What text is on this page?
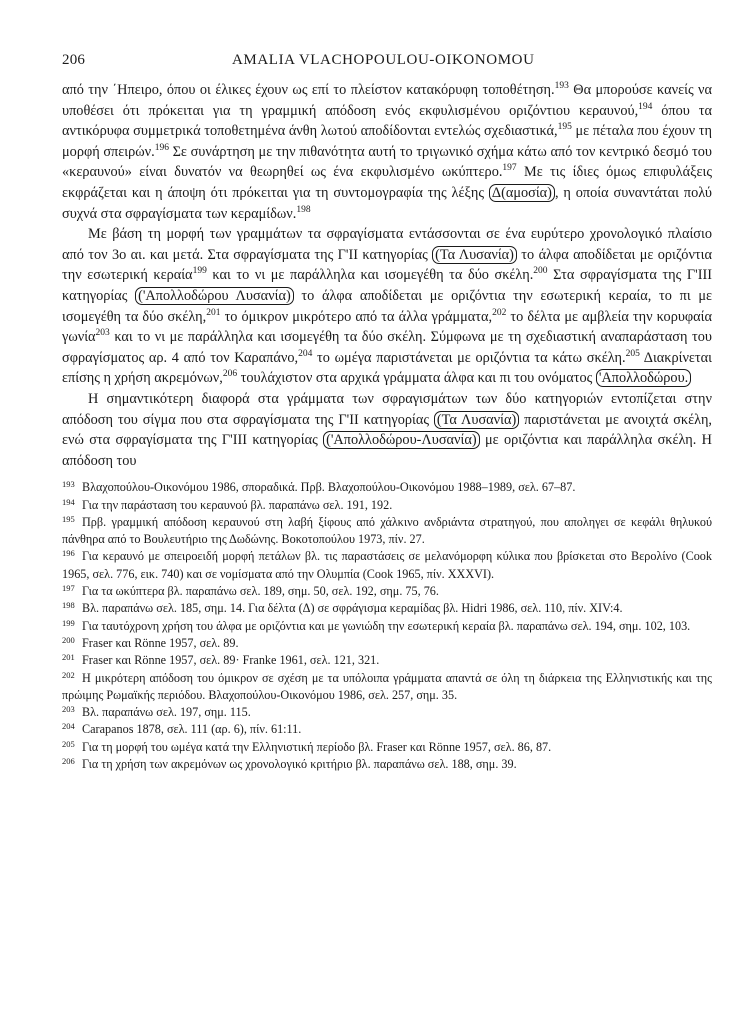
206	AMALIA VLACHOPOULOU-OIKONOMOU

από την ΄Ηπειρο, όπου οι έλικες έχουν ως επί το πλείστον κατακόρυφη τοποθέτηση.$^{193}$ Θα μπορούσε κανείς να υποθέσει ότι πρόκειται για τη γραμμική απόδοση ενός εκφυλισμένου οριζόντιου κεραυνού,$^{194}$ όπου τα αντικόρυφα συμμετρικά τοποθετημένα άνθη λωτού αποδίδονται εντελώς σχεδιαστικά,$^{195}$ με πέταλα που έχουν τη μορφή σπειρών.$^{196}$ Σε συνάρτηση με την πιθανότητα αυτή το τριγωνικό σχήμα κάτω από τον κεντρικό δεσμό του «κεραυνού» είναι δυνατόν να θεωρηθεί ως ένα εκφυλισμένο ωκύπτερο.$^{197}$ Με τις ίδιες όμως επιφυλάξεις εκφράζεται και η άποψη ότι πρόκειται για τη συντομογραφία της λέξης Δ(αμοσία) , η οποία συναντάται πολύ συχνά στα σφραγίσματα των κεραμίδων.$^{198}$

Με βάση τη μορφή των γραμμάτων τα σφραγίσματα εντάσσονται σε ένα ευρύτερο χρονολογικό πλαίσιο από τον 3ο αι. και μετά. Στα σφραγίσματα της Γ'ΙΙ κατηγορίας (Τα Λυσανία) το άλφα αποδίδεται με οριζόντια την εσωτερική κεραία$^{199}$ και το νι με παράλληλα και ισομεγέθη τα δύο σκέλη.$^{200}$ Στα σφραγίσματα της Γ'ΙΙΙ κατηγορίας ('Απολλοδώρου Λυσανία) το άλφα αποδίδεται με οριζόντια την εσωτερική κεραία, το πι με ισομεγέθη τα δύο σκέλη,$^{201}$ το όμικρον μικρότερο από τα άλλα γράμματα,$^{202}$ το δέλτα με αμβλεία την κορυφαία γωνία$^{203}$ και το νι με παράλληλα και ισομεγέθη τα δύο σκέλη. Σύμφωνα με τη σχεδιαστική αναπαράσταση του σφραγίσματος αρ. 4 από τον Καραπάνο,$^{204}$ το ωμέγα παριστάνεται με οριζόντια τα κάτω σκέλη.$^{205}$ Διακρίνεται επίσης η χρήση ακρεμόνων,$^{206}$ τουλάχιστον στα αρχικά γράμματα άλφα και πι του ονόματος 'Απολλοδώρου.

Η σημαντικότερη διαφορά στα γράμματα των σφραγισμάτων των δύο κατηγοριών εντοπίζεται στην απόδοση του σίγμα που στα σφραγίσματα της Γ'ΙΙ κατηγορίας (Τα Λυσανία) παριστάνεται με ανοιχτά σκέλη, ενώ στα σφραγίσματα της Γ'ΙΙΙ κατηγορίας ('Απολλοδώρου-Λυσανία) με οριζόντια και παράλληλα σκέλη. Η απόδοση του

193 Βλαχοπούλου-Οικονόμου 1986, σποραδικά. Πρβ. Βλαχοπούλου-Οικονόμου 1988–1989, σελ. 67–87.

194 Για την παράσταση του κεραυνού βλ. παραπάνω σελ. 191, 192.

195 Πρβ. γραμμική απόδοση κεραυνού στη λαβή ξίφους από χάλκινο ανδριάντα στρατηγού, που αποληγει σε κεφάλι θηλυκού πάνθηρα από το Βουλευτήριο της Δωδώνης. Βοκοτοπούλου 1973, πίν. 27.

196 Για κεραυνό με σπειροειδή μορφή πετάλων βλ. τις παραστάσεις σε μελανόμορφη κύλικα που βρίσκεται στο Βερολίνο (Cook 1965, σελ. 776, εικ. 740) και σε νομίσματα από την Ολυμπία (Cook 1965, πίν. XXXVI).

197 Για τα ωκύπτερα βλ. παραπάνω σελ. 189, σημ. 50, σελ. 192, σημ. 75, 76.

198 Βλ. παραπάνω σελ. 185, σημ. 14. Για δέλτα (Δ) σε σφράγισμα κεραμίδας βλ. Hidri 1986, σελ. 110, πίν. XIV:4.

199 Για ταυτόχρονη χρήση του άλφα με οριζόντια και με γωνιώδη την εσωτερική κεραία βλ. παραπάνω σελ. 194, σημ. 102, 103.

200 Fraser και Rönne 1957, σελ. 89.

201 Fraser και Rönne 1957, σελ. 89· Franke 1961, σελ. 121, 321.

202 Η μικρότερη απόδοση του όμικρον σε σχέση με τα υπόλοιπα γράμματα απαντά σε όλη τη διάρκεια της Ελληνιστικής και της πρώιμης Ρωμαϊκής περιόδου. Βλαχοπούλου-Οικονόμου 1986, σελ. 257, σημ. 35.

203 Βλ. παραπάνω σελ. 197, σημ. 115.

204 Carapanos 1878, σελ. 111 (αρ. 6), πίν. 61:11.

205 Για τη μορφή του ωμέγα κατά την Ελληνιστική περίοδο βλ. Fraser και Rönne 1957, σελ. 86, 87.

206 Για τη χρήση των ακρεμόνων ως χρονολογικό κριτήριο βλ. παραπάνω σελ. 188, σημ. 39.
